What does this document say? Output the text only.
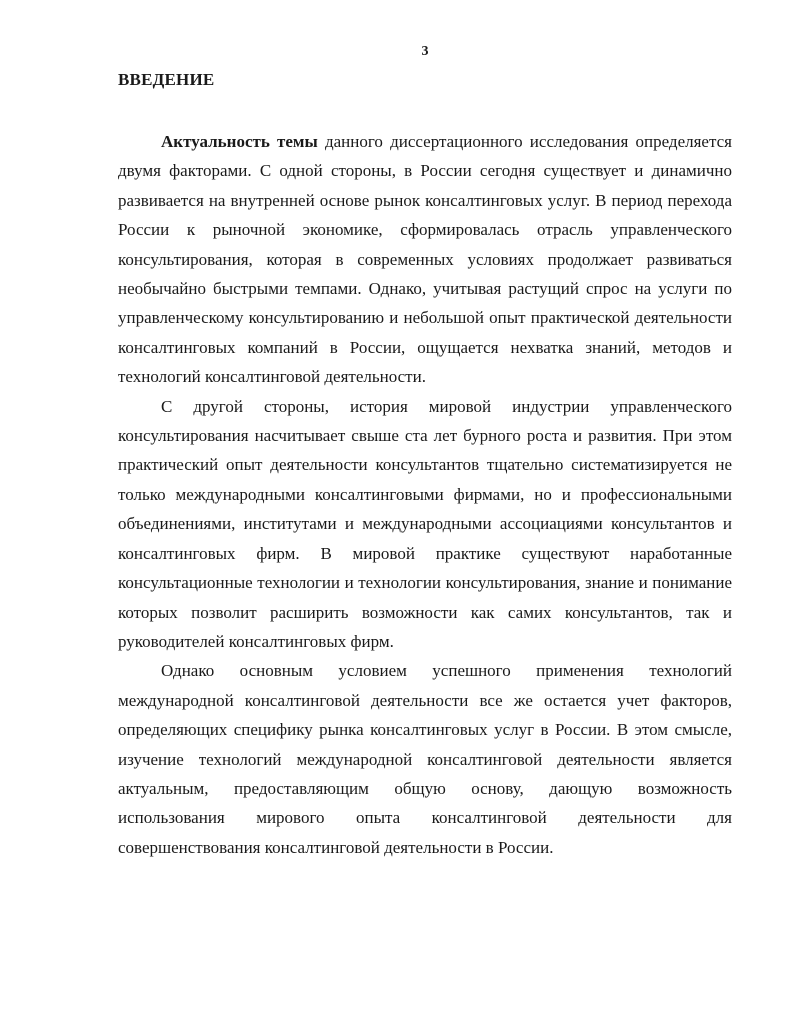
3
ВВЕДЕНИЕ

Актуальность темы данного диссертационного исследования определяется двумя факторами. С одной стороны, в России сегодня существует и динамично развивается на внутренней основе рынок консалтинговых услуг. В период перехода России к рыночной экономике, сформировалась отрасль управленческого консультирования, которая в современных условиях продолжает развиваться необычайно быстрыми темпами. Однако, учитывая растущий спрос на услуги по управленческому консультированию и небольшой опыт практической деятельности консалтинговых компаний в России, ощущается нехватка знаний, методов и технологий консалтинговой деятельности.

С другой стороны, история мировой индустрии управленческого консультирования насчитывает свыше ста лет бурного роста и развития. При этом практический опыт деятельности консультантов тщательно систематизируется не только международными консалтинговыми фирмами, но и профессиональными объединениями, институтами и международными ассоциациями консультантов и консалтинговых фирм. В мировой практике существуют наработанные консультационные технологии и технологии консультирования, знание и понимание которых позволит расширить возможности как самих консультантов, так и руководителей консалтинговых фирм.

Однако основным условием успешного применения технологий международной консалтинговой деятельности все же остается учет факторов, определяющих специфику рынка консалтинговых услуг в России. В этом смысле, изучение технологий международной консалтинговой деятельности является актуальным, предоставляющим общую основу, дающую возможность использования мирового опыта консалтинговой деятельности для совершенствования консалтинговой деятельности в России.
